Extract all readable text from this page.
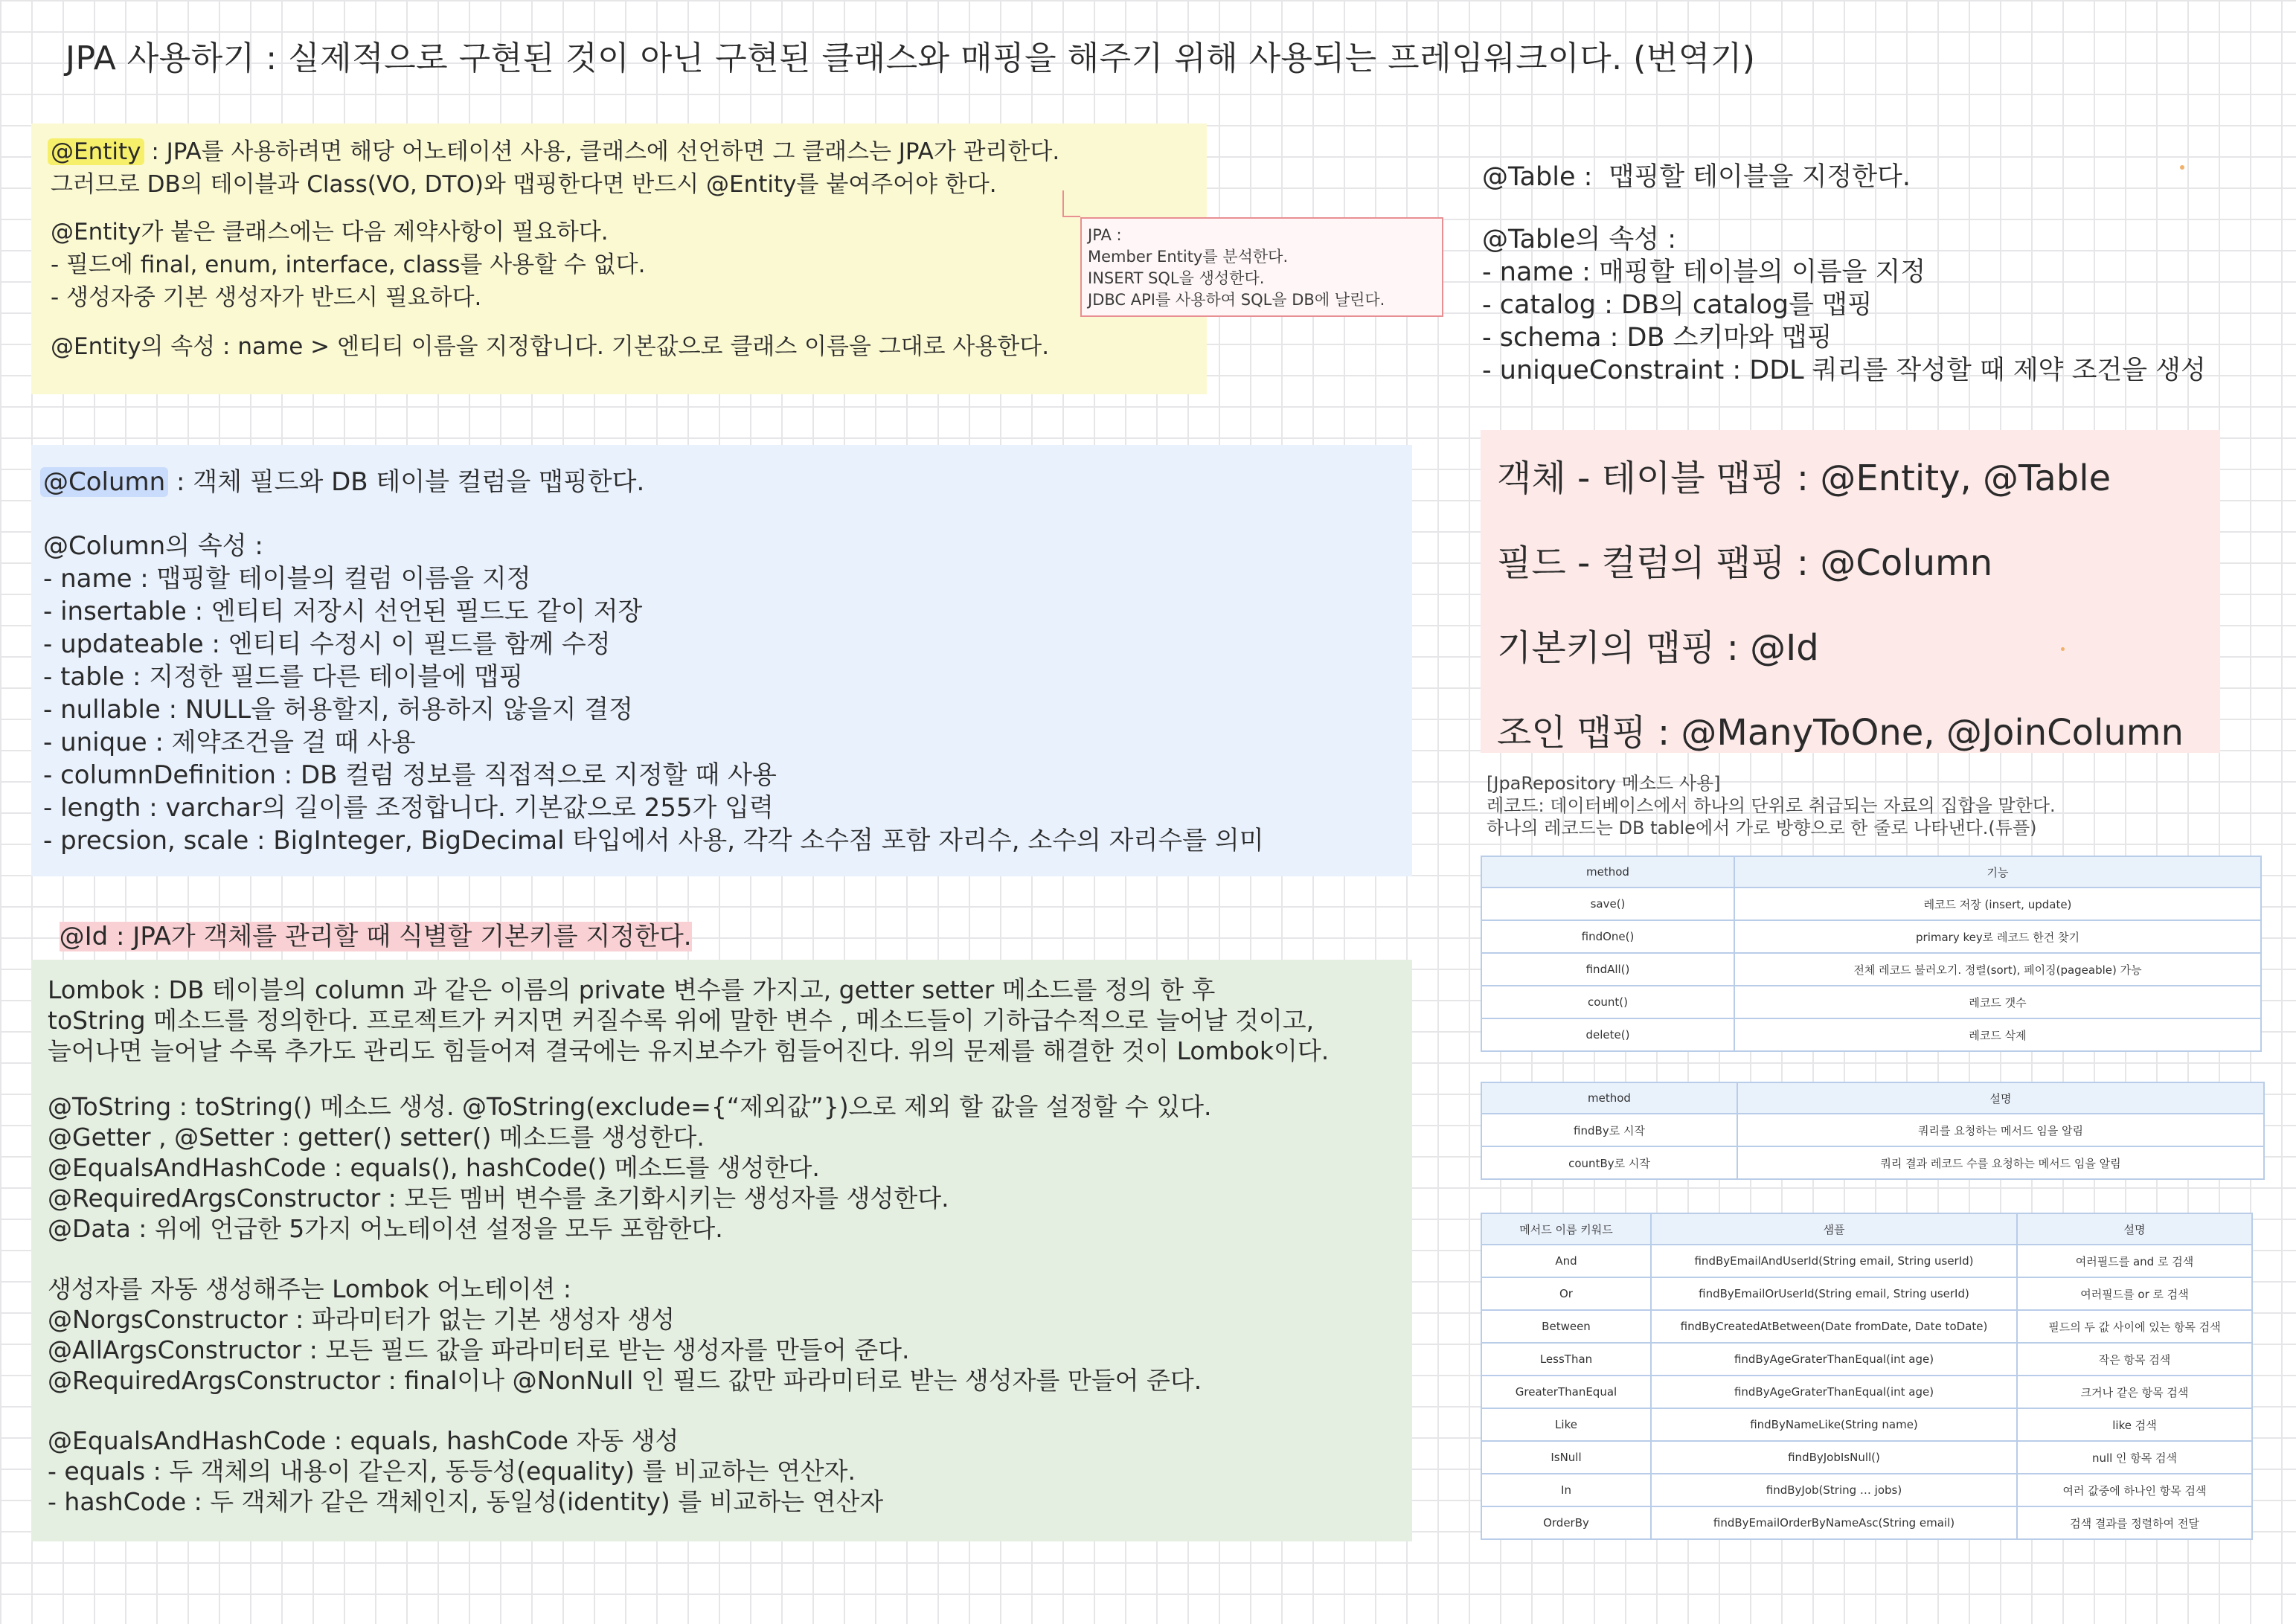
JPA 사용하기 : 실제적으로 구현된 것이 아닌 구현된 클래스와 매핑을 해주기 위해 사용되는 프레임워크이다. (번역기)
@Entity : JPA를 사용하려면 해당 어노테이션 사용, 클래스에 선언하면 그 클래스는 JPA가 관리한다.
그러므로 DB의 테이블과 Class(VO, DTO)와 맵핑한다면 반드시 @Entity를 붙여주어야 한다.
@Entity가 붙은 클래스에는 다음 제약사항이 필요하다.
- 필드에 final, enum, interface, class를 사용할 수 없다.
- 생성자중 기본 생성자가 반드시 필요하다.
@Entity의 속성 : name > 엔티티 이름을 지정합니다. 기본값으로 클래스 이름을 그대로 사용한다.
JPA :
Member Entity를 분석한다.
INSERT SQL을 생성한다.
JDBC API를 사용하여 SQL을 DB에 날린다.
@Table :  맵핑할 테이블을 지정한다.
@Table의 속성 :
- name : 매핑할 테이블의 이름을 지정
- catalog : DB의 catalog를 맵핑
- schema : DB 스키마와 맵핑
- uniqueConstraint : DDL 쿼리를 작성할 때 제약 조건을 생성
객체 - 테이블 맵핑 : @Entity, @Table
필드 - 컬럼의 팹핑 : @Column
기본키의 맵핑 : @Id
조인 맵핑 : @ManyToOne, @JoinColumn
@Column : 객체 필드와 DB 테이블 컬럼을 맵핑한다.
@Column의 속성 :
- name : 맵핑할 테이블의 컬럼 이름을 지정
- insertable : 엔티티 저장시 선언된 필드도 같이 저장
- updateable : 엔티티 수정시 이 필드를 함께 수정
- table : 지정한 필드를 다른 테이블에 맵핑
- nullable : NULL을 허용할지, 허용하지 않을지 결정
- unique : 제약조건을 걸 때 사용
- columnDefinition : DB 컬럼 정보를 직접적으로 지정할 때 사용
- length : varchar의 길이를 조정합니다. 기본값으로 255가 입력
- precsion, scale : BigInteger, BigDecimal 타입에서 사용, 각각 소수점 포함 자리수, 소수의 자리수를 의미

@Id : JPA가 객체를 관리할 때 식별할 기본키를 지정한다.

Lombok : DB 테이블의 column 과 같은 이름의 private 변수를 가지고, getter setter 메소드를 정의 한 후
toString 메소드를 정의한다. 프로젝트가 커지면 커질수록 위에 말한 변수 , 메소드들이 기하급수적으로 늘어날 것이고,
늘어나면 늘어날 수록 추가도 관리도 힘들어져 결국에는 유지보수가 힘들어진다. 위의 문제를 해결한 것이 Lombok이다.
@ToString : toString() 메소드 생성. @ToString(exclude={“제외값”})으로 제외 할 값을 설정할 수 있다.
@Getter , @Setter : getter() setter() 메소드를 생성한다.
@EqualsAndHashCode : equals(), hashCode() 메소드를 생성한다.
@RequiredArgsConstructor : 모든 멤버 변수를 초기화시키는 생성자를 생성한다.
@Data : 위에 언급한 5가지 어노테이션 설정을 모두 포함한다.
생성자를 자동 생성해주는 Lombok 어노테이션 :
@NorgsConstructor : 파라미터가 없는 기본 생성자 생성
@AllArgsConstructor : 모든 필드 값을 파라미터로 받는 생성자를 만들어 준다.
@RequiredArgsConstructor : final이나 @NonNull 인 필드 값만 파라미터로 받는 생성자를 만들어 준다.
@EqualsAndHashCode : equals, hashCode 자동 생성
- equals : 두 객체의 내용이 같은지, 동등성(equality) 를 비교하는 연산자.
- hashCode : 두 객체가 같은 객체인지, 동일성(identity) 를 비교하는 연산자
[JpaRepository 메소드 사용]
레코드: 데이터베이스에서 하나의 단위로 취급되는 자료의 집합을 말한다.
하나의 레코드는 DB table에서 가로 방향으로 한 줄로 나타낸다.(튜플)
method	기능
save()	레코드 저장 (insert, update)
findOne()	primary key로 레코드 한건 찾기
findAll()	전체 레코드 불러오기. 정렬(sort), 페이징(pageable) 가능
count()	레코드 갯수
delete()	레코드 삭제
method	설명
findBy로 시작	쿼리를 요청하는 메서드 임을 알림
countBy로 시작	쿼리 결과 레코드 수를 요청하는 메서드 임을 알림
메서드 이름 키워드	샘플	설명
And	findByEmailAndUserId(String email, String userId)	여러필드를 and 로 검색
Or	findByEmailOrUserId(String email, String userId)	여러필드를 or 로 검색
Between	findByCreatedAtBetween(Date fromDate, Date toDate)	필드의 두 값 사이에 있는 항목 검색
LessThan	findByAgeGraterThanEqual(int age)	작은 항목 검색
GreaterThanEqual	findByAgeGraterThanEqual(int age)	크거나 같은 항목 검색
Like	findByNameLike(String name)	like 검색
IsNull	findByJobIsNull()	null 인 항목 검색
In	findByJob(String … jobs)	여러 값중에 하나인 항목 검색
OrderBy	findByEmailOrderByNameAsc(String email)	검색 결과를 정렬하여 전달
